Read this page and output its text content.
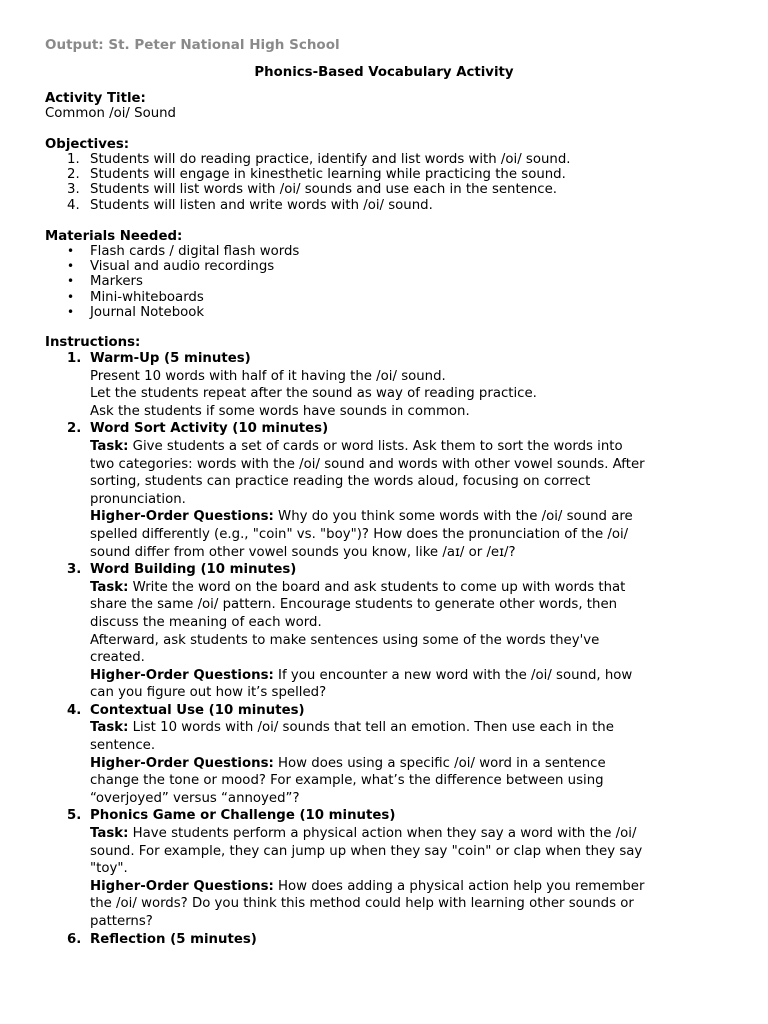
Output: St. Peter National High School
Phonics-Based Vocabulary Activity
Activity Title:
Common /oi/ Sound
Objectives:
1. Students will do reading practice, identify and list words with /oi/ sound.
2. Students will engage in kinesthetic learning while practicing the sound.
3. Students will list words with /oi/ sounds and use each in the sentence.
4. Students will listen and write words with /oi/ sound.
Materials Needed:
• Flash cards / digital flash words
• Visual and audio recordings
• Markers
• Mini-whiteboards
• Journal Notebook
Instructions:
1. Warm-Up (5 minutes)
Present 10 words with half of it having the /oi/ sound.
Let the students repeat after the sound as way of reading practice.
Ask the students if some words have sounds in common.
2. Word Sort Activity (10 minutes)
Task: Give students a set of cards or word lists. Ask them to sort the words into
two categories: words with the /oi/ sound and words with other vowel sounds. After
sorting, students can practice reading the words aloud, focusing on correct
pronunciation.
Higher-Order Questions: Why do you think some words with the /oi/ sound are
spelled differently (e.g., "coin" vs. "boy")? How does the pronunciation of the /oi/
sound differ from other vowel sounds you know, like /aɪ/ or /eɪ/?
3. Word Building (10 minutes)
Task: Write the word on the board and ask students to come up with words that
share the same /oi/ pattern. Encourage students to generate other words, then
discuss the meaning of each word.
Afterward, ask students to make sentences using some of the words they've
created.
Higher-Order Questions: If you encounter a new word with the /oi/ sound, how
can you figure out how it’s spelled?
4. Contextual Use (10 minutes)
Task: List 10 words with /oi/ sounds that tell an emotion. Then use each in the
sentence.
Higher-Order Questions: How does using a specific /oi/ word in a sentence
change the tone or mood? For example, what’s the difference between using
“overjoyed” versus “annoyed”?
5. Phonics Game or Challenge (10 minutes)
Task: Have students perform a physical action when they say a word with the /oi/
sound. For example, they can jump up when they say "coin" or clap when they say
"toy".
Higher-Order Questions: How does adding a physical action help you remember
the /oi/ words? Do you think this method could help with learning other sounds or
patterns?
6. Reflection (5 minutes)
